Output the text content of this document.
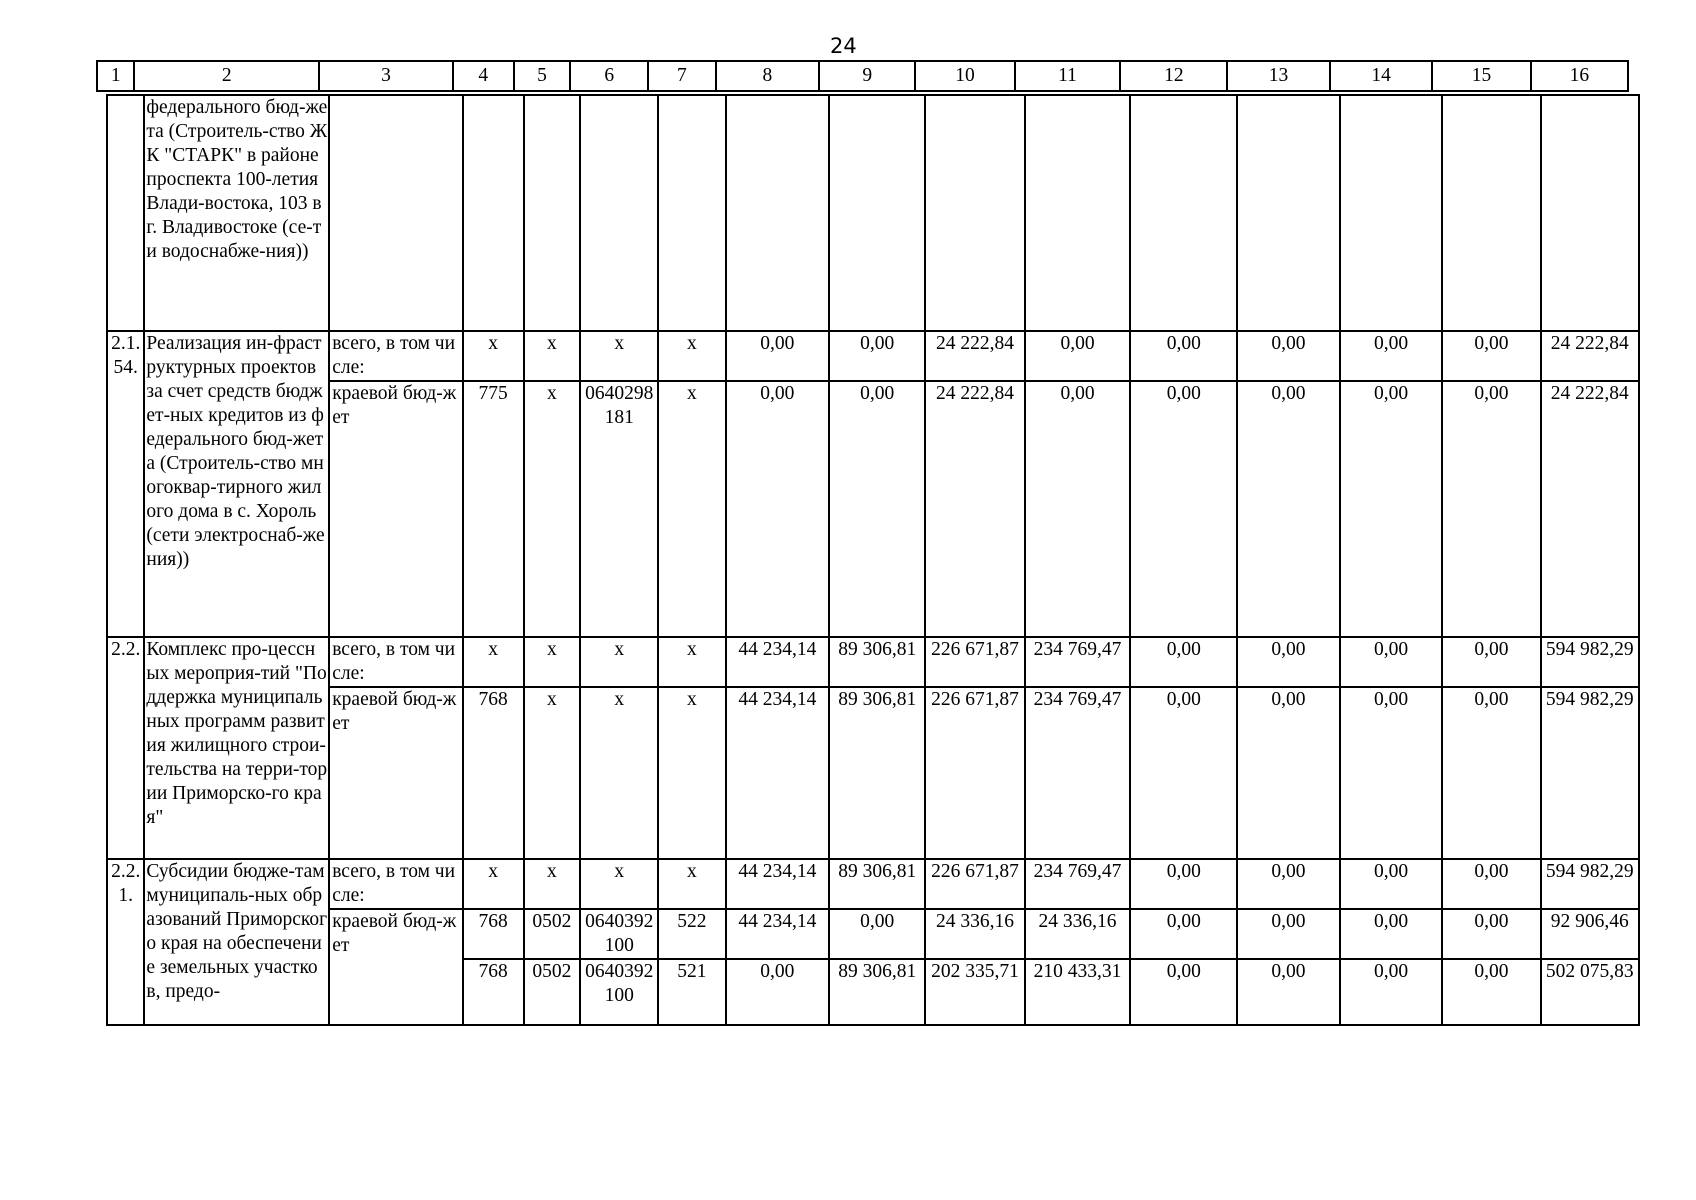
24
1	2	3	4	5	6	7	8	9	10	11	12	13	14	15	16
	федерального бюд-жета (Строитель-ство ЖК "СТАРК" в районе проспекта 100-летия Влади-востока, 103 в г. Владивостоке (се-ти водоснабже-ния))														
2.1.54.	Реализация ин-фраструктурных проектов за счет средств бюджет-ных кредитов из федерального бюд-жета (Строитель-ство многоквар-тирного жилого дома в с. Хороль (сети электроснаб-жения))	всего, в том числе:	x	x	x	x	0,00	0,00	24 222,84	0,00	0,00	0,00	0,00	0,00	24 222,84
		краевой бюд-жет	775	x	0640298 181	x	0,00	0,00	24 222,84	0,00	0,00	0,00	0,00	0,00	24 222,84
2.2.	Комплекс про-цессных мероприя-тий "Поддержка муниципальных программ развития жилищного строи-тельства на терри-тории Приморско-го края"	всего, в том числе:	x	x	x	x	44 234,14	89 306,81	226 671,87	234 769,47	0,00	0,00	0,00	0,00	594 982,29
		краевой бюд-жет	768	x	x	x	44 234,14	89 306,81	226 671,87	234 769,47	0,00	0,00	0,00	0,00	594 982,29
2.2.1.	Субсидии бюдже-там муниципаль-ных образований Приморского края на обеспечение земельных участков, предо-	всего, в том числе:	x	x	x	x	44 234,14	89 306,81	226 671,87	234 769,47	0,00	0,00	0,00	0,00	594 982,29
		краевой бюд-жет	768	0502	0640392 100	522	44 234,14	0,00	24 336,16	24 336,16	0,00	0,00	0,00	0,00	92 906,46
			768	0502	0640392 100	521	0,00	89 306,81	202 335,71	210 433,31	0,00	0,00	0,00	0,00	502 075,83
